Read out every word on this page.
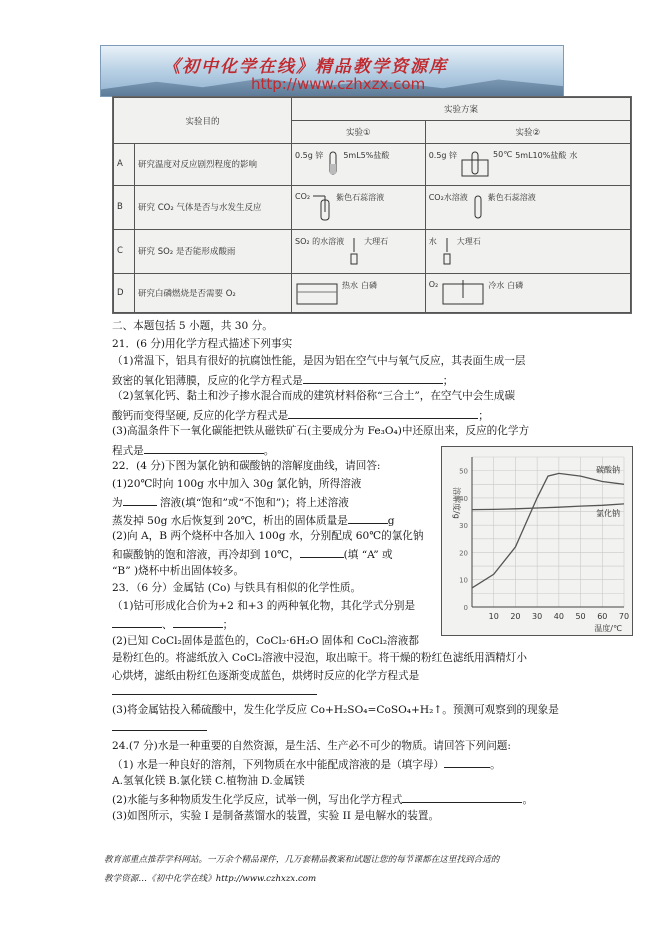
《初中化学在线》精品教学资源库
http://www.czhxzx.com
实验目的		实验方案	
		实验①	实验②
A	研究温度对反应剧烈程度的影响	0.5g 锌 5mL5%盐酸	0.5g 锌 50℃ 5mL10%盐酸 水

B	研究 CO₂ 气体是否与水发生反应	CO₂ 紫色石蕊溶液	CO₂水溶液 紫色石蕊溶液

C	研究 SO₂ 是否能形成酸雨	SO₂ 的水溶液 大理石	水 大理石

D	研究白磷燃烧是否需要 O₂	热水 白磷	O₂ 冷水 白磷
二、本题包括 5 小题，共 30 分。
21．(6 分)用化学方程式描述下列事实
（1)常温下，铝具有很好的抗腐蚀性能，是因为铝在空气中与氧气反应，其表面生成一层
致密的氧化铝薄膜，反应的化学方程式是	；
（2)氢氧化钙、黏土和沙子掺水混合而成的建筑材料俗称“三合土”，在空气中会生成碳
酸钙而变得坚硬, 反应的化学方程式是	；
(3)高温条件下一氧化碳能把铁从磁铁矿石(主要成分为 Fe₃O₄)中还原出来，反应的化学方
程式是	。
22．(4 分)下图为氯化钠和碳酸钠的溶解度曲线，请回答:
(1)20℃时向 100g 水中加入 30g 氯化钠，所得溶液
为	溶液(填“饱和”或“不饱和”)；将上述溶液
蒸发掉 50g 水后恢复到 20℃，析出的固体质量是	g
(2)向 A，B 两个烧杯中各加入 100g 水，分别配成 60℃的氯化钠
和碳酸钠的饱和溶液，再冷却到 10℃，	(填 “A” 或
“B” )烧杯中析出固体较多。
23．（6 分）金属钴 (Co) 与铁具有相似的化学性质。
（1)钴可形成化合价为+2 和+3 的两种氧化物，其化学式分别是
、	；
(2)已知 CoCl₂固体是蓝色的，CoCl₂·6H₂O 固体和 CoCl₂溶液都
是粉红色的。将滤纸放入 CoCl₂溶液中浸泡，取出晾干。将干燥的粉红色滤纸用酒精灯小
心烘烤，滤纸由粉红色逐渐变成蓝色，烘烤时反应的化学方程式是
(3)将金属钴投入稀硫酸中，发生化学反应 Co+H₂SO₄=CoSO₄+H₂↑。预测可观察到的现象是
24.(7 分)水是一种重要的自然资源，是生活、生产必不可少的物质。请回答下列问题:
（1) 水是一种良好的溶剂，下列物质在水中能配成溶液的是（填字母）	。
A.氢氧化镁 B.氯化镁 C.植物油 D.金属镁
(2)水能与多种物质发生化学反应，试举一例，写出化学方程式	。
(3)如图所示，实验 I 是制备蒸馏水的装置，实验 II 是电解水的装置。
10 20 30 40 50 60 70
0
10
20
30
40
50
温度/℃
溶解度/g
碳酸钠
氯化钠
教育部重点推荐学科网站。一万余个精品课件，几万套精品教案和试题让您的每节课都在这里找到合适的
教学资源…《初中化学在线》http://www.czhxzx.com
